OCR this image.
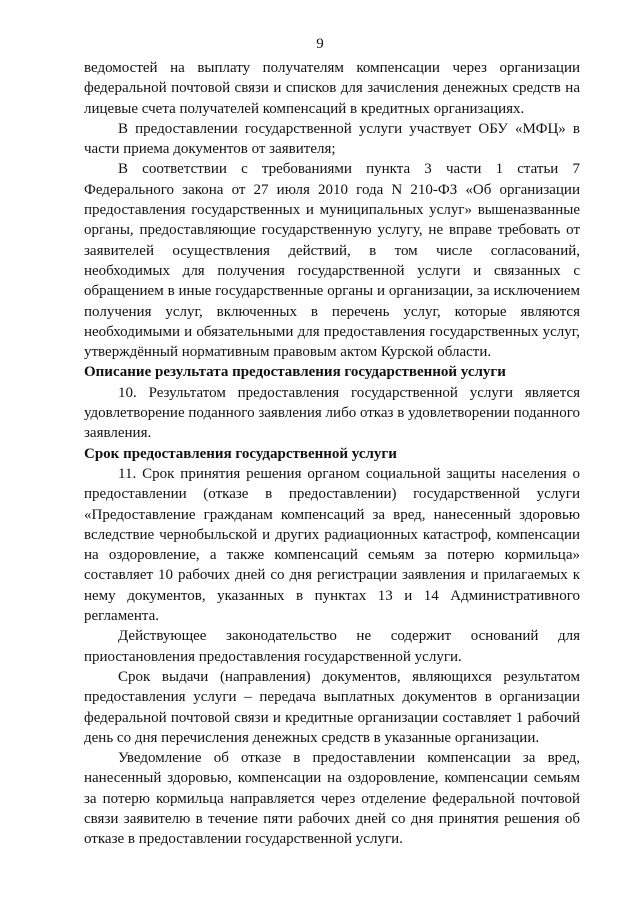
9

ведомостей на выплату получателям компенсации через организации федеральной почтовой связи и списков для зачисления денежных средств на лицевые счета получателей компенсаций в кредитных организациях.

В предоставлении государственной услуги участвует ОБУ «МФЦ» в части приема документов от заявителя;

В соответствии с требованиями пункта 3 части 1 статьи 7 Федерального закона от 27 июля 2010 года N 210-ФЗ «Об организации предоставления государственных и муниципальных услуг» вышеназванные органы, предоставляющие государственную услугу, не вправе требовать от заявителей осуществления действий, в том числе согласований, необходимых для получения государственной услуги и связанных с обращением в иные государственные органы и организации, за исключением получения услуг, включенных в перечень услуг, которые являются необходимыми и обязательными для предоставления государственных услуг, утверждённый нормативным правовым актом Курской области.

Описание результата предоставления государственной услуги

10. Результатом предоставления государственной услуги является удовлетворение поданного заявления либо отказ в удовлетворении поданного заявления.

Срок предоставления государственной услуги

11. Срок принятия решения органом социальной защиты населения о предоставлении (отказе в предоставлении) государственной услуги «Предоставление гражданам компенсаций за вред, нанесенный здоровью вследствие чернобыльской и других радиационных катастроф, компенсации на оздоровление, а также компенсаций семьям за потерю кормильца» составляет 10 рабочих дней со дня регистрации заявления и прилагаемых к нему документов, указанных в пунктах 13 и 14 Административного регламента.

Действующее законодательство не содержит оснований для приостановления предоставления государственной услуги.

Срок выдачи (направления) документов, являющихся результатом предоставления услуги – передача выплатных документов в организации федеральной почтовой связи и кредитные организации составляет 1 рабочий день со дня перечисления денежных средств в указанные организации.

Уведомление об отказе в предоставлении компенсации за вред, нанесенный здоровью, компенсации на оздоровление, компенсации семьям за потерю кормильца направляется через отделение федеральной почтовой связи заявителю в течение пяти рабочих дней со дня принятия решения об отказе в предоставлении государственной услуги.
